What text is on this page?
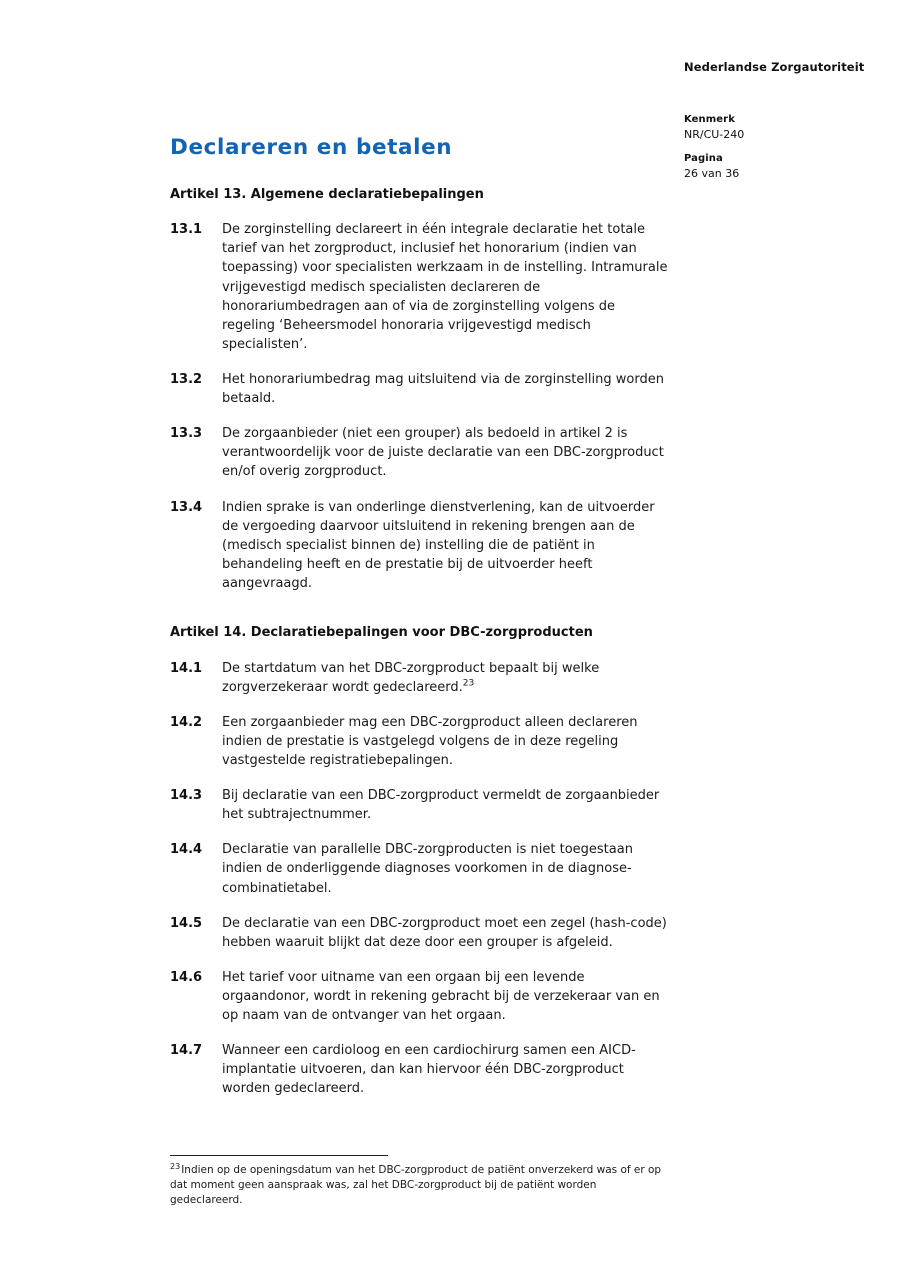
Nederlandse Zorgautoriteit
Kenmerk
NR/CU-240
Pagina
26 van 36
Declareren en betalen
Artikel 13. Algemene declaratiebepalingen
13.1	De zorginstelling declareert in één integrale declaratie het totale tarief van het zorgproduct, inclusief het honorarium (indien van toepassing) voor specialisten werkzaam in de instelling. Intramurale vrijgevestigd medisch specialisten declareren de honorariumbedragen aan of via de zorginstelling volgens de regeling ‘Beheersmodel honoraria vrijgevestigd medisch specialisten’.
13.2	Het honorariumbedrag mag uitsluitend via de zorginstelling worden betaald.
13.3	De zorgaanbieder (niet een grouper) als bedoeld in artikel 2 is verantwoordelijk voor de juiste declaratie van een DBC-zorgproduct en/of overig zorgproduct.
13.4	Indien sprake is van onderlinge dienstverlening, kan de uitvoerder de vergoeding daarvoor uitsluitend in rekening brengen aan de (medisch specialist binnen de) instelling die de patiënt in behandeling heeft en de prestatie bij de uitvoerder heeft aangevraagd.
Artikel 14. Declaratiebepalingen voor DBC-zorgproducten
14.1	De startdatum van het DBC-zorgproduct bepaalt bij welke zorgverzekeraar wordt gedeclareerd.$^{23}$
14.2	Een zorgaanbieder mag een DBC-zorgproduct alleen declareren indien de prestatie is vastgelegd volgens de in deze regeling vastgestelde registratiebepalingen.
14.3	Bij declaratie van een DBC-zorgproduct vermeldt de zorgaanbieder het subtrajectnummer.
14.4	Declaratie van parallelle DBC-zorgproducten is niet toegestaan indien de onderliggende diagnoses voorkomen in de diagnose-combinatietabel.
14.5	De declaratie van een DBC-zorgproduct moet een zegel (hash-code) hebben waaruit blijkt dat deze door een grouper is afgeleid.
14.6	Het tarief voor uitname van een orgaan bij een levende orgaandonor, wordt in rekening gebracht bij de verzekeraar van en op naam van de ontvanger van het orgaan.
14.7	Wanneer een cardioloog en een cardiochirurg samen een AICD-implantatie uitvoeren, dan kan hiervoor één DBC-zorgproduct worden gedeclareerd.
$^{23}$Indien op de openingsdatum van het DBC-zorgproduct de patiënt onverzekerd was of er op dat moment geen aanspraak was, zal het DBC-zorgproduct bij de patiënt worden gedeclareerd.
